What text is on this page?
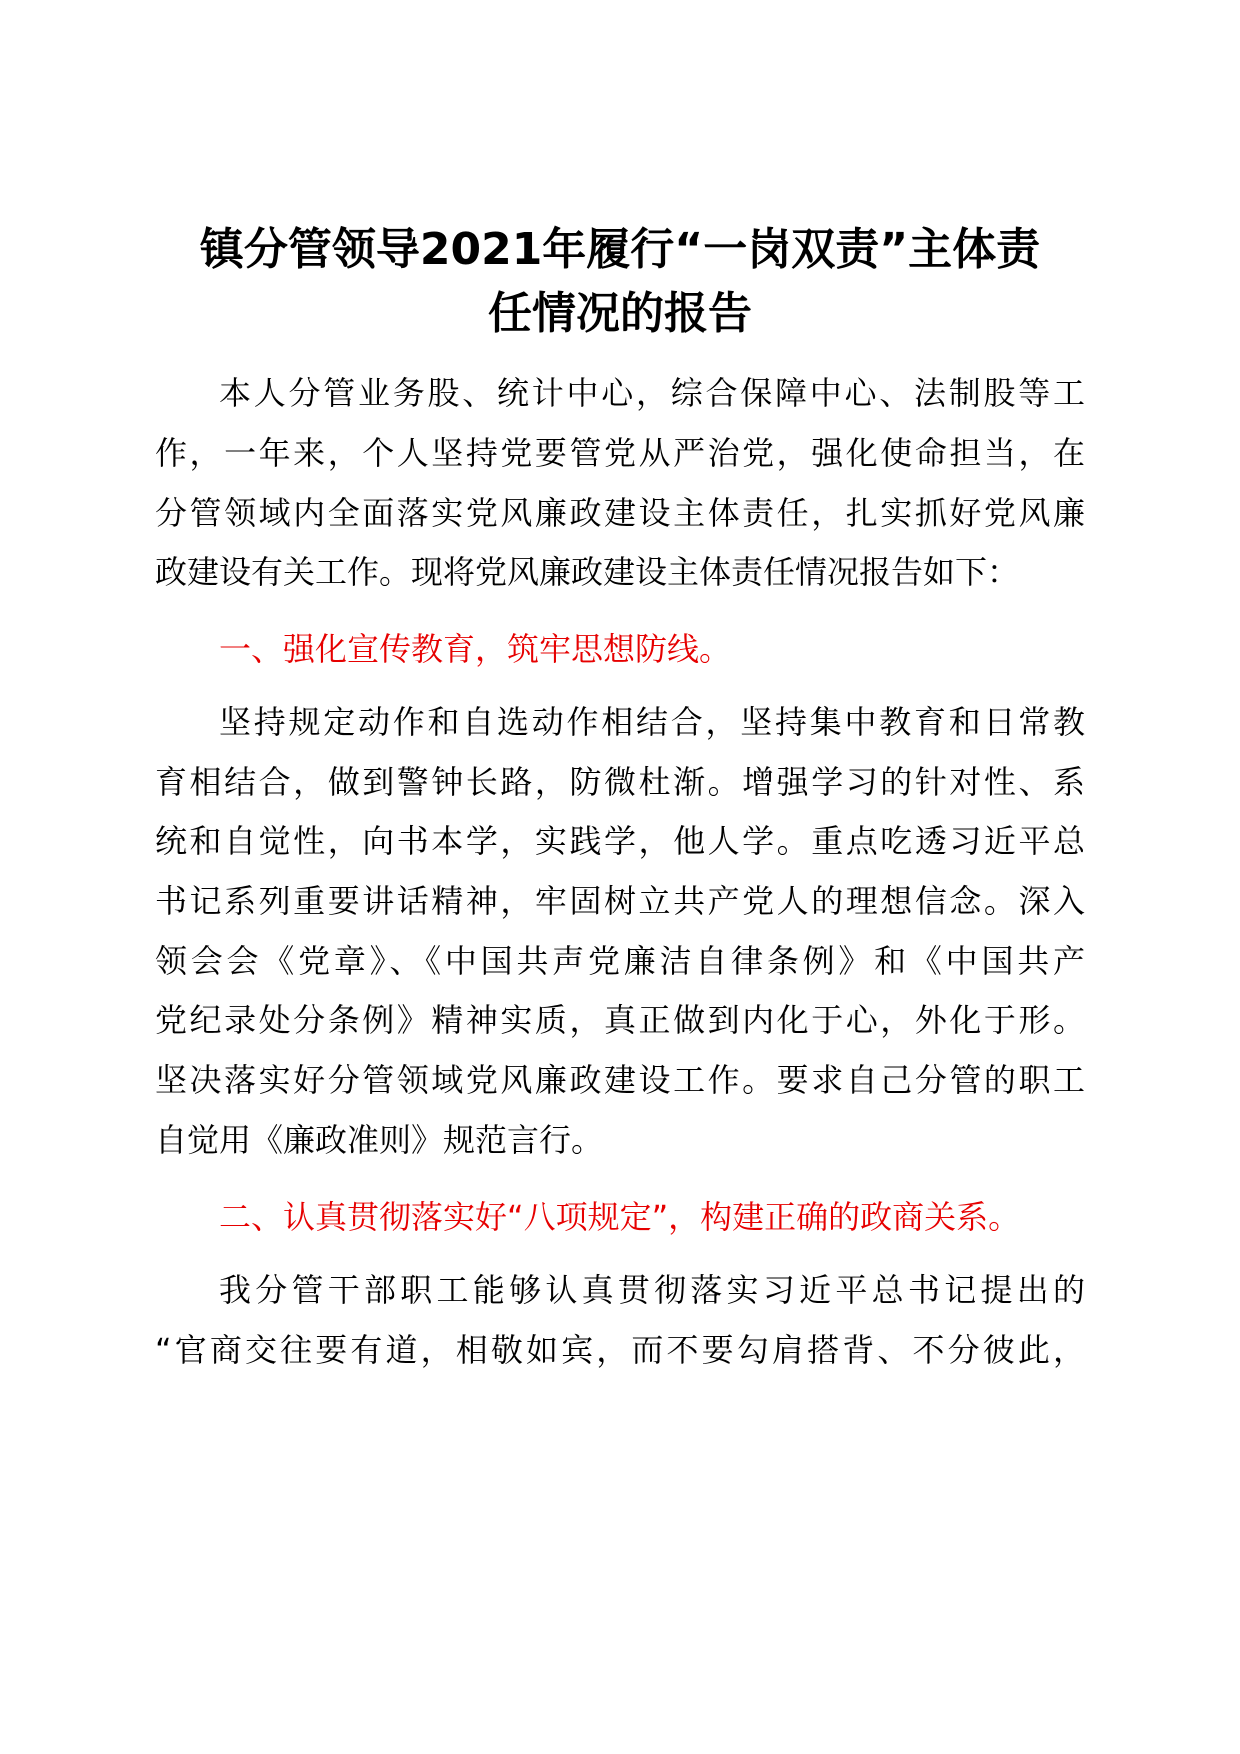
镇分管领导2021年履行“一岗双责”主体责
任情况的报告

本人分管业务股、统计中心，综合保障中心、法制股等工

作，一年来，个人坚持党要管党从严治党，强化使命担当，在

分管领域内全面落实党风廉政建设主体责任，扎实抓好党风廉

政建设有关工作。现将党风廉政建设主体责任情况报告如下：

一、强化宣传教育，筑牢思想防线。

坚持规定动作和自选动作相结合，坚持集中教育和日常教

育相结合，做到警钟长路，防微杜渐。增强学习的针对性、系

统和自觉性，向书本学，实践学，他人学。重点吃透习近平总

书记系列重要讲话精神，牢固树立共产党人的理想信念。深入

领会会《党章》、《中国共声党廉洁自律条例》和《中国共产

党纪录处分条例》精神实质，真正做到内化于心，外化于形。

坚决落实好分管领域党风廉政建设工作。要求自己分管的职工

自觉用《廉政准则》规范言行。

二、认真贯彻落实好“八项规定”，构建正确的政商关系。

我分管干部职工能够认真贯彻落实习近平总书记提出的

“官商交往要有道，相敬如宾，而不要勾肩搭背、不分彼此，
